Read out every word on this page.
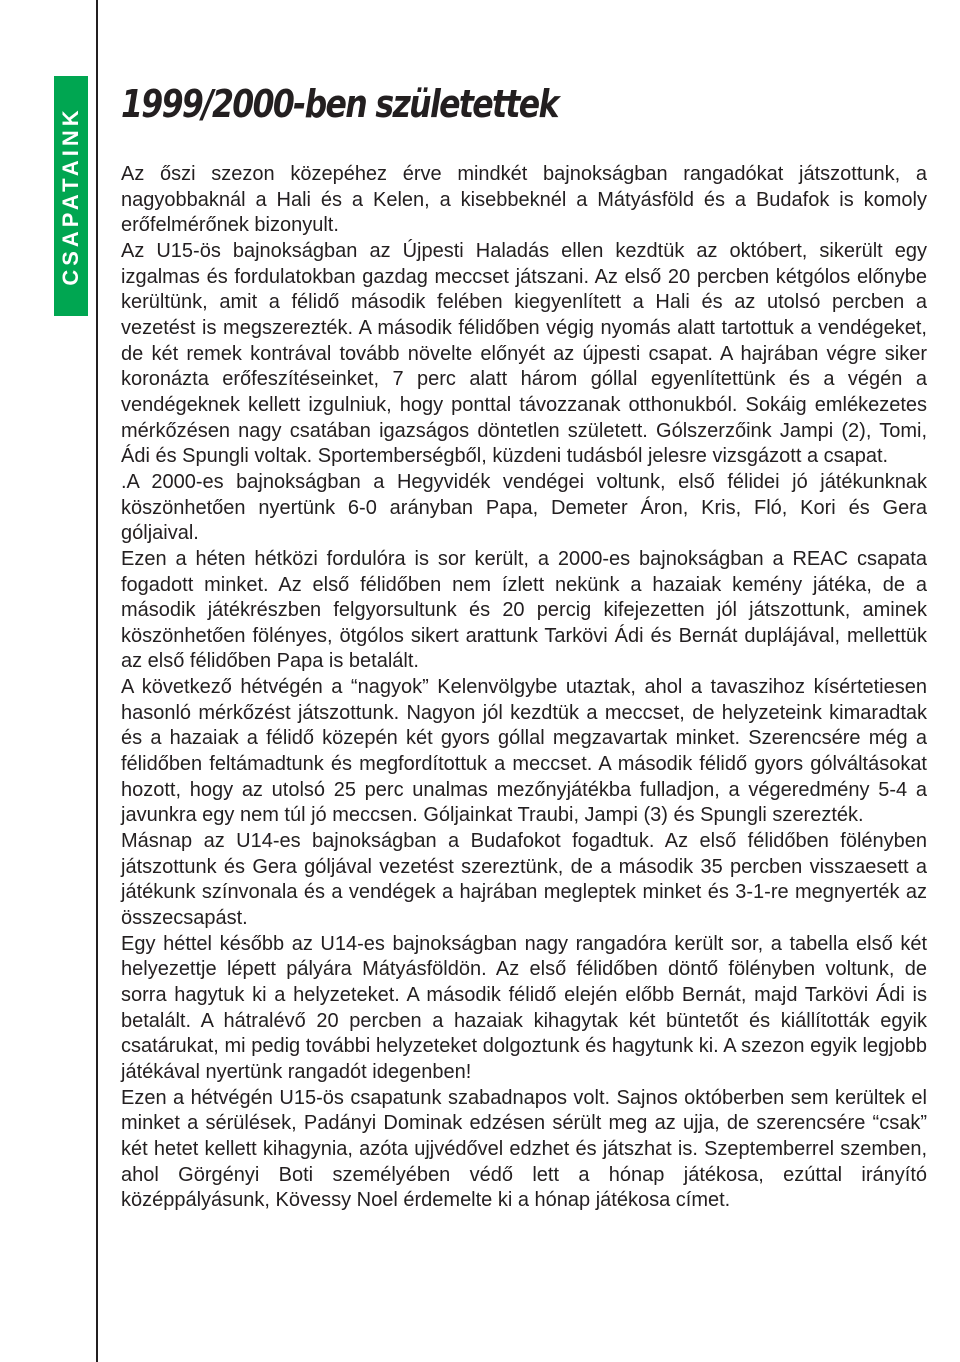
CSAPATAINK
1999/2000-ben születettek

Az őszi szezon közepéhez érve mindkét bajnokságban rangadókat játszottunk, a nagyobbaknál a Hali és a Kelen, a kisebbeknél a Mátyásföld és a Budafok is komoly erőfelmérőnek bizonyult.

Az U15-ös bajnokságban az Újpesti Haladás ellen kezdtük az októbert, sikerült egy izgalmas és fordulatokban gazdag meccset játszani. Az első 20 percben kétgólos előnybe kerültünk, amit a félidő második felében kiegyenlített a Hali és az utolsó percben a vezetést is megszerezték. A második félidőben végig nyomás alatt tartottuk a vendégeket, de két remek kontrával tovább növelte előnyét az újpesti csapat. A hajrában végre siker koronázta erőfeszítéseinket, 7 perc alatt három góllal egyenlítettünk és a végén a vendégeknek kellett izgulniuk, hogy ponttal távozzanak otthonukból. Sokáig emlékezetes mérkőzésen nagy csatában igazságos döntetlen született. Gólszerzőink Jampi (2), Tomi, Ádi és Spungli voltak. Sportemberségből, küzdeni tudásból jelesre vizsgázott a csapat.

.A 2000-es bajnokságban a Hegyvidék vendégei voltunk, első félidei jó játékunknak köszönhetően nyertünk 6-0 arányban Papa, Demeter Áron, Kris, Fló, Kori és Gera góljaival.

Ezen a héten hétközi fordulóra is sor került, a 2000-es bajnokságban a REAC csapata fogadott minket. Az első félidőben nem ízlett nekünk a hazaiak kemény játéka, de a második játékrészben felgyorsultunk és 20 percig kifejezetten jól játszottunk, aminek köszönhetően fölényes, ötgólos sikert arattunk Tarkövi Ádi és Bernát duplájával, mellettük az első félidőben Papa is betalált.

A következő hétvégén a “nagyok” Kelenvölgybe utaztak, ahol a tavaszihoz kísértetiesen hasonló mérkőzést játszottunk. Nagyon jól kezdtük a meccset, de helyzeteink kimaradtak és a hazaiak a félidő közepén két gyors góllal megzavartak minket. Szerencsére még a félidőben feltámadtunk és megfordítottuk a meccset. A második félidő gyors gólváltásokat hozott, hogy az utolsó 25 perc unalmas mezőnyjátékba fulladjon, a végeredmény 5-4 a javunkra egy nem túl jó meccsen. Góljainkat Traubi, Jampi (3) és Spungli szerezték.

Másnap az U14-es bajnokságban a Budafokot fogadtuk. Az első félidőben fölényben játszottunk és Gera góljával vezetést szereztünk, de a második 35 percben visszaesett a játékunk színvonala és a vendégek a hajrában megleptek minket és 3-1-re megnyerték az összecsapást.

Egy héttel később az U14-es bajnokságban nagy rangadóra került sor, a tabella első két helyezettje lépett pályára Mátyásföldön. Az első félidőben döntő fölényben voltunk, de sorra hagytuk ki a helyzeteket. A második félidő elején előbb Bernát, majd Tarkövi Ádi is betalált. A hátralévő 20 percben a hazaiak kihagytak két büntetőt és kiállították egyik csatárukat, mi pedig további helyzeteket dolgoztunk és hagytunk ki. A szezon egyik legjobb játékával nyertünk rangadót idegenben!

Ezen a hétvégén U15-ös csapatunk szabadnapos volt. Sajnos októberben sem kerültek el minket a sérülések, Padányi Dominak edzésen sérült meg az ujja, de szerencsére “csak” két hetet kellett kihagynia, azóta ujjvédővel edzhet és játszhat is. Szeptemberrel szemben, ahol Görgényi Boti személyében védő lett a hónap játékosa, ezúttal irányító középpályásunk, Kövessy Noel érdemelte ki a hónap játékosa címet.
